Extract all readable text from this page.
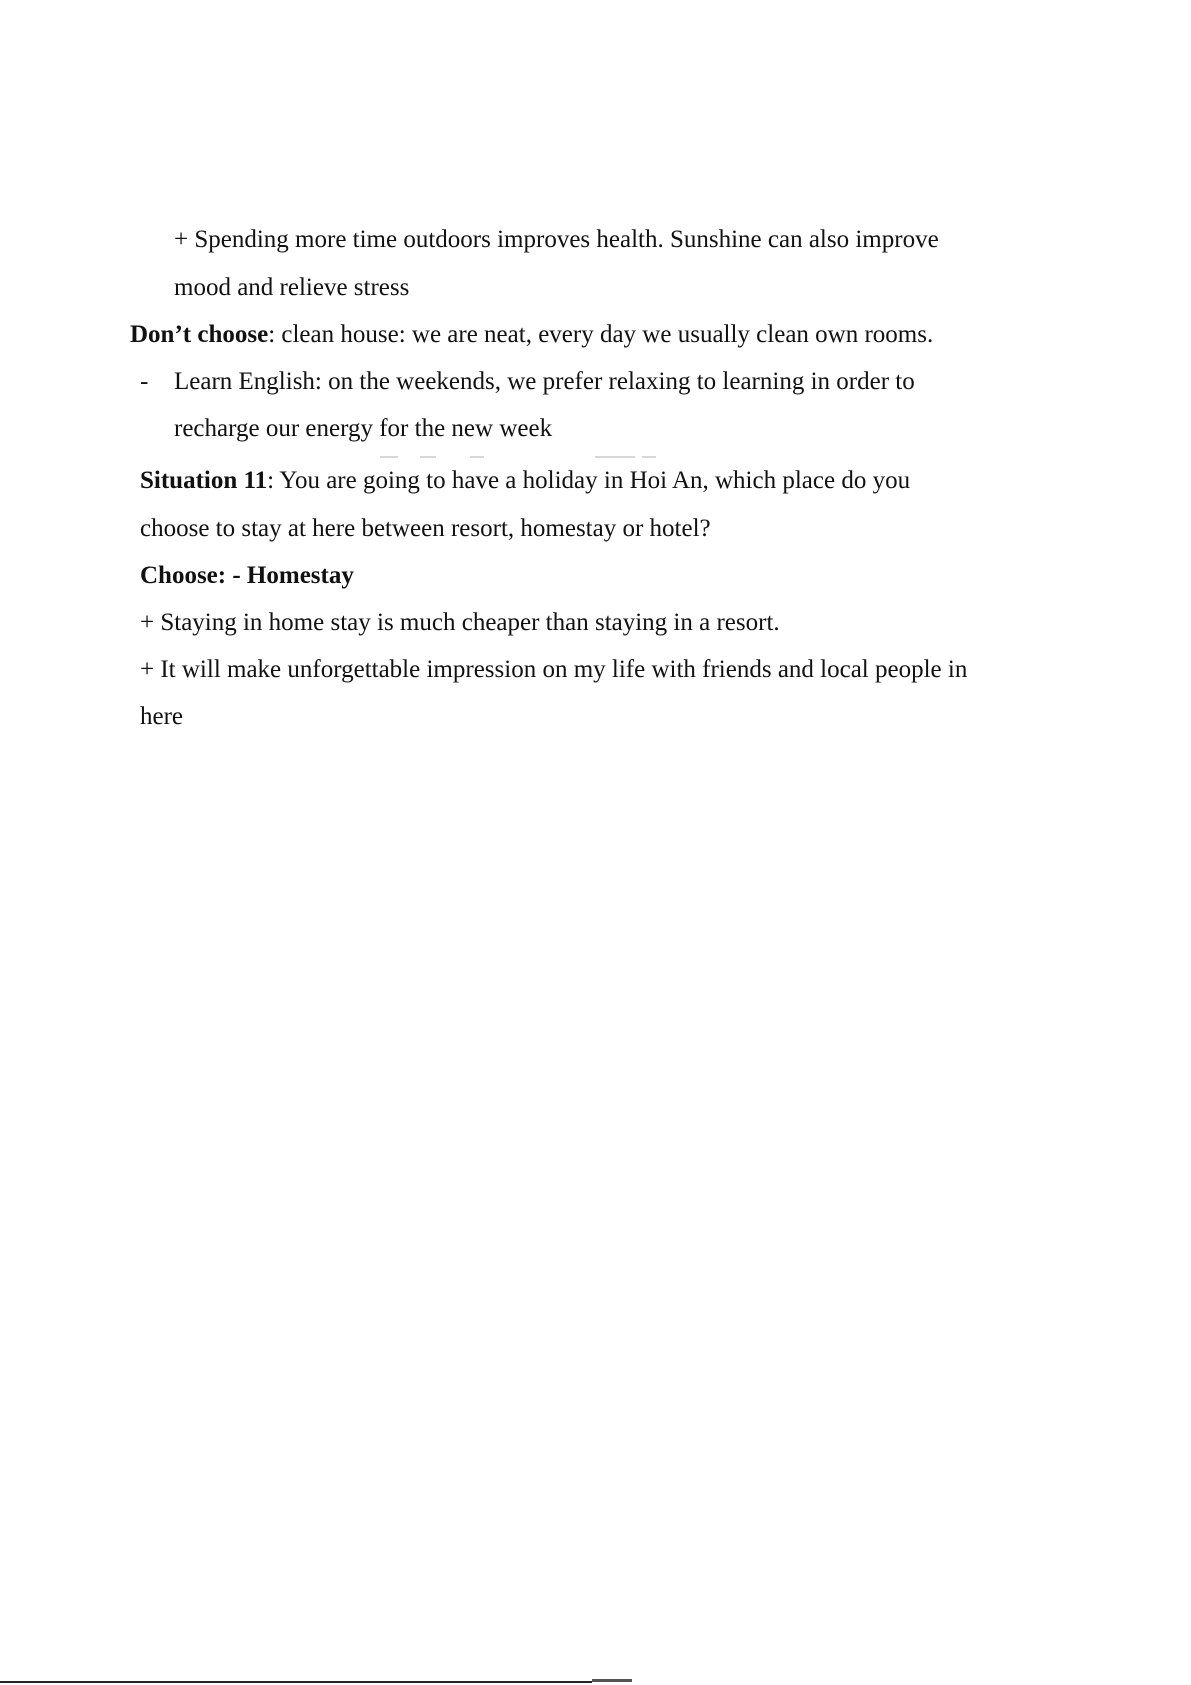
+ Spending more time outdoors improves health. Sunshine can also improve
mood and relieve stress
Don’t choose: clean house: we are neat, every day we usually clean own rooms.
- Learn English: on the weekends, we prefer relaxing to learning in order to
recharge our energy for the new week
Situation 11: You are going to have a holiday in Hoi An, which place do you
choose to stay at here between resort, homestay or hotel?
Choose: - Homestay
+ Staying in home stay is much cheaper than staying in a resort.
+ It will make unforgettable impression on my life with friends and local people in
here
